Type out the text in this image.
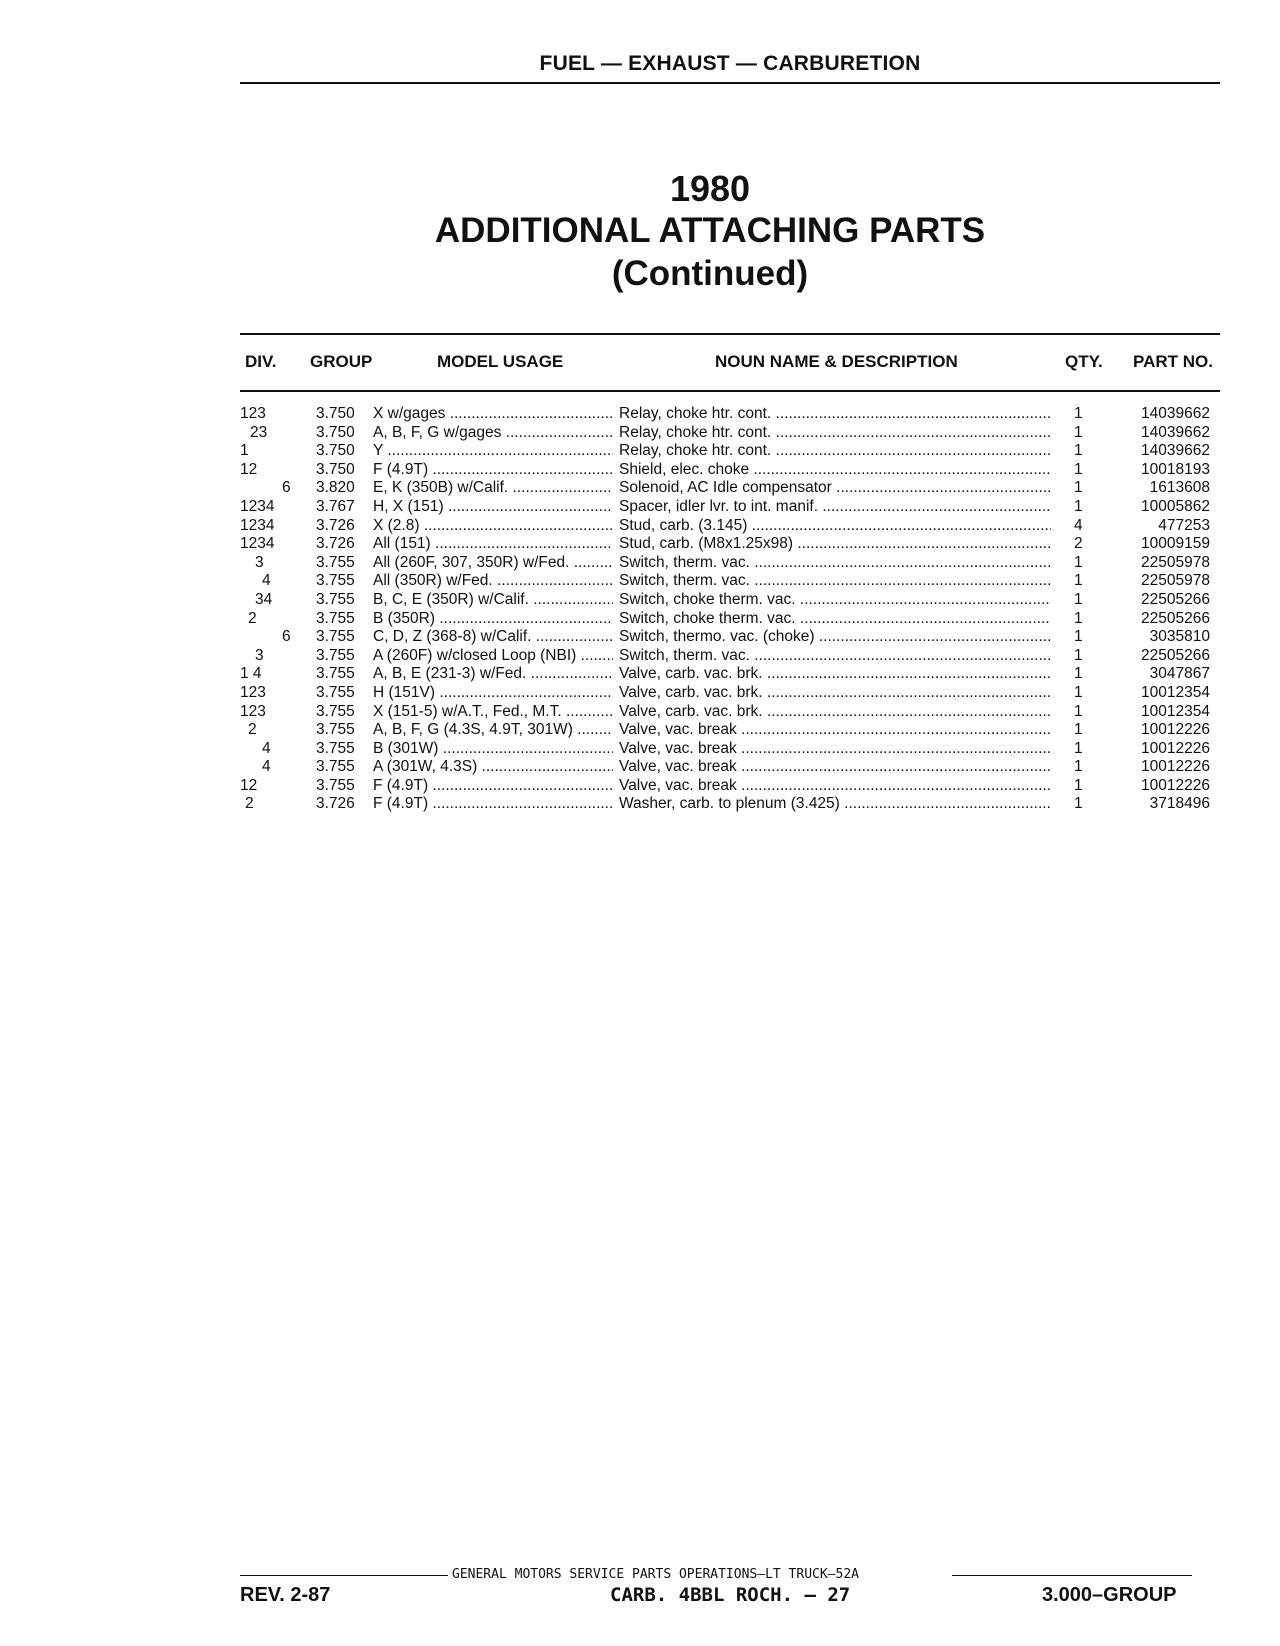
FUEL — EXHAUST — CARBURETION
1980
ADDITIONAL ATTACHING PARTS
(Continued)
DIV. GROUP	MODEL USAGE	NOUN NAME & DESCRIPTION	QTY. PART NO.
123	3.750 X w/gages .....	Relay, choke htr. cont. .....	1	14039662
23	3.750 A, B, F, G w/gages .....	Relay, choke htr. cont. .....	1	14039662
1	3.750 Y .....	Relay, choke htr. cont. .....	1	14039662
12	3.750 F (4.9T) .....	Shield, elec. choke .....	1	10018193
6 3.820 E, K (350B) w/Calif. .....	Solenoid, AC Idle compensator .....	1	1613608
1234	3.767 H, X (151) .....	Spacer, idler lvr. to int. manif. .....	1	10005862
1234	3.726 X (2.8) .....	Stud, carb. (3.145) .....	4	477253
1234	3.726 All (151) .....	Stud, carb. (M8x1.25x98) .....	2	10009159
3	3.755 All (260F, 307, 350R) w/Fed. .....	Switch, therm. vac. .....	1	22505978
4	3.755 All (350R) w/Fed. .....	Switch, therm. vac. .....	1	22505978
34	3.755 B, C, E (350R) w/Calif. .....	Switch, choke therm. vac. .....	1	22505266
2	3.755 B (350R) .....	Switch, choke therm. vac. .....	1	22505266
6 3.755 C, D, Z (368-8) w/Calif. .....	Switch, thermo. vac. (choke) .....	1	3035810
3	3.755 A (260F) w/closed Loop (NBI) .....	Switch, therm. vac. .....	1	22505266
1 4	3.755 A, B, E (231-3) w/Fed. .....	Valve, carb. vac. brk. .....	1	3047867
123	3.755 H (151V) .....	Valve, carb. vac. brk. .....	1	10012354
123	3.755 X (151-5) w/A.T., Fed., M.T. .....	Valve, carb. vac. brk. .....	1	10012354
2	3.755 A, B, F, G (4.3S, 4.9T, 301W) .....	Valve, vac. break .....	1	10012226
4	3.755 B (301W) .....	Valve, vac. break .....	1	10012226
4	3.755 A (301W, 4.3S) .....	Valve, vac. break .....	1	10012226
12	3.755 F (4.9T) .....	Valve, vac. break .....	1	10012226
2	3.726 F (4.9T) .....	Washer, carb. to plenum (3.425) .....	1	3718496
GENERAL MOTORS SERVICE PARTS OPERATIONS—LT TRUCK—52A
REV. 2-87	CARB. 4BBL ROCH. – 27	3.000–GROUP
